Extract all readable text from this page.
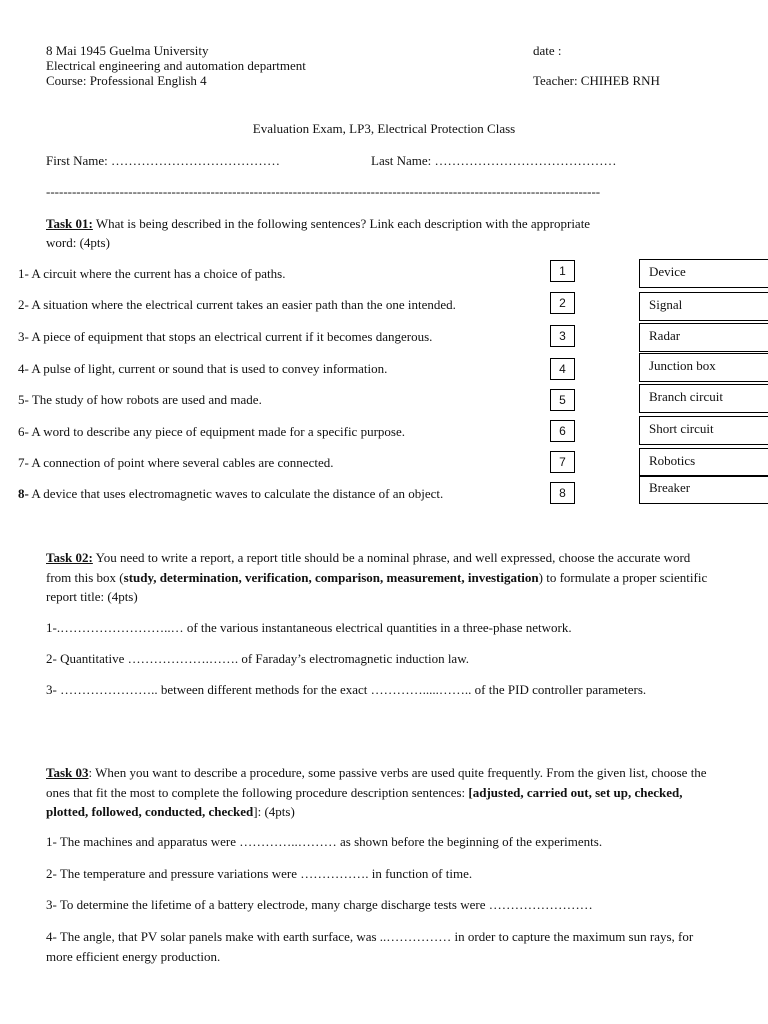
8 Mai 1945 Guelma University
Electrical engineering and automation department
Course: Professional English 4
date :
Teacher: CHIHEB RNH
Evaluation Exam, LP3, Electrical Protection Class
First Name: …………………………………	Last Name: ……………………………………
--------------------------------------------------------------------------------------------------------------------------------
Task 01: What is being described in the following sentences? Link each description with the appropriate
word: (4pts)
1- A circuit where the current has a choice of paths.
2- A situation where the electrical current takes an easier path than the one intended.
3- A piece of equipment that stops an electrical current if it becomes dangerous.
4- A pulse of light, current or sound that is used to convey information.
5- The study of how robots are used and made.
6- A word to describe any piece of equipment made for a specific purpose.
7- A connection of point where several cables are connected.
8- A device that uses electromagnetic waves to calculate the distance of an object.
1
2
3
4
5
6
7
8
Device
Signal
Radar
Junction box
Branch circuit
Short circuit
Robotics
Breaker
Task 02: You need to write a report, a report title should be a nominal phrase, and well expressed, choose the accurate word from this box (study, determination, verification, comparison, measurement, investigation) to formulate a proper scientific report title: (4pts)
1-.……………………..… of the various instantaneous electrical quantities in a three-phase network.
2- Quantitative ……………….……. of Faraday’s electromagnetic induction law.
3- ………………….. between different methods for the exact ………….....…….. of the PID controller parameters.
Task 03: When you want to describe a procedure, some passive verbs are used quite frequently. From the given list, choose the ones that fit the most to complete the following procedure description sentences: [adjusted, carried out, set up, checked, plotted, followed, conducted, checked]: (4pts)
1- The machines and apparatus were …………..……… as shown before the beginning of the experiments.
2- The temperature and pressure variations were ……………. in function of time.
3- To determine the lifetime of a battery electrode, many charge discharge tests were ……………………
4- The angle, that PV solar panels make with earth surface, was ..…………… in order to capture the maximum sun rays, for more efficient energy production.
